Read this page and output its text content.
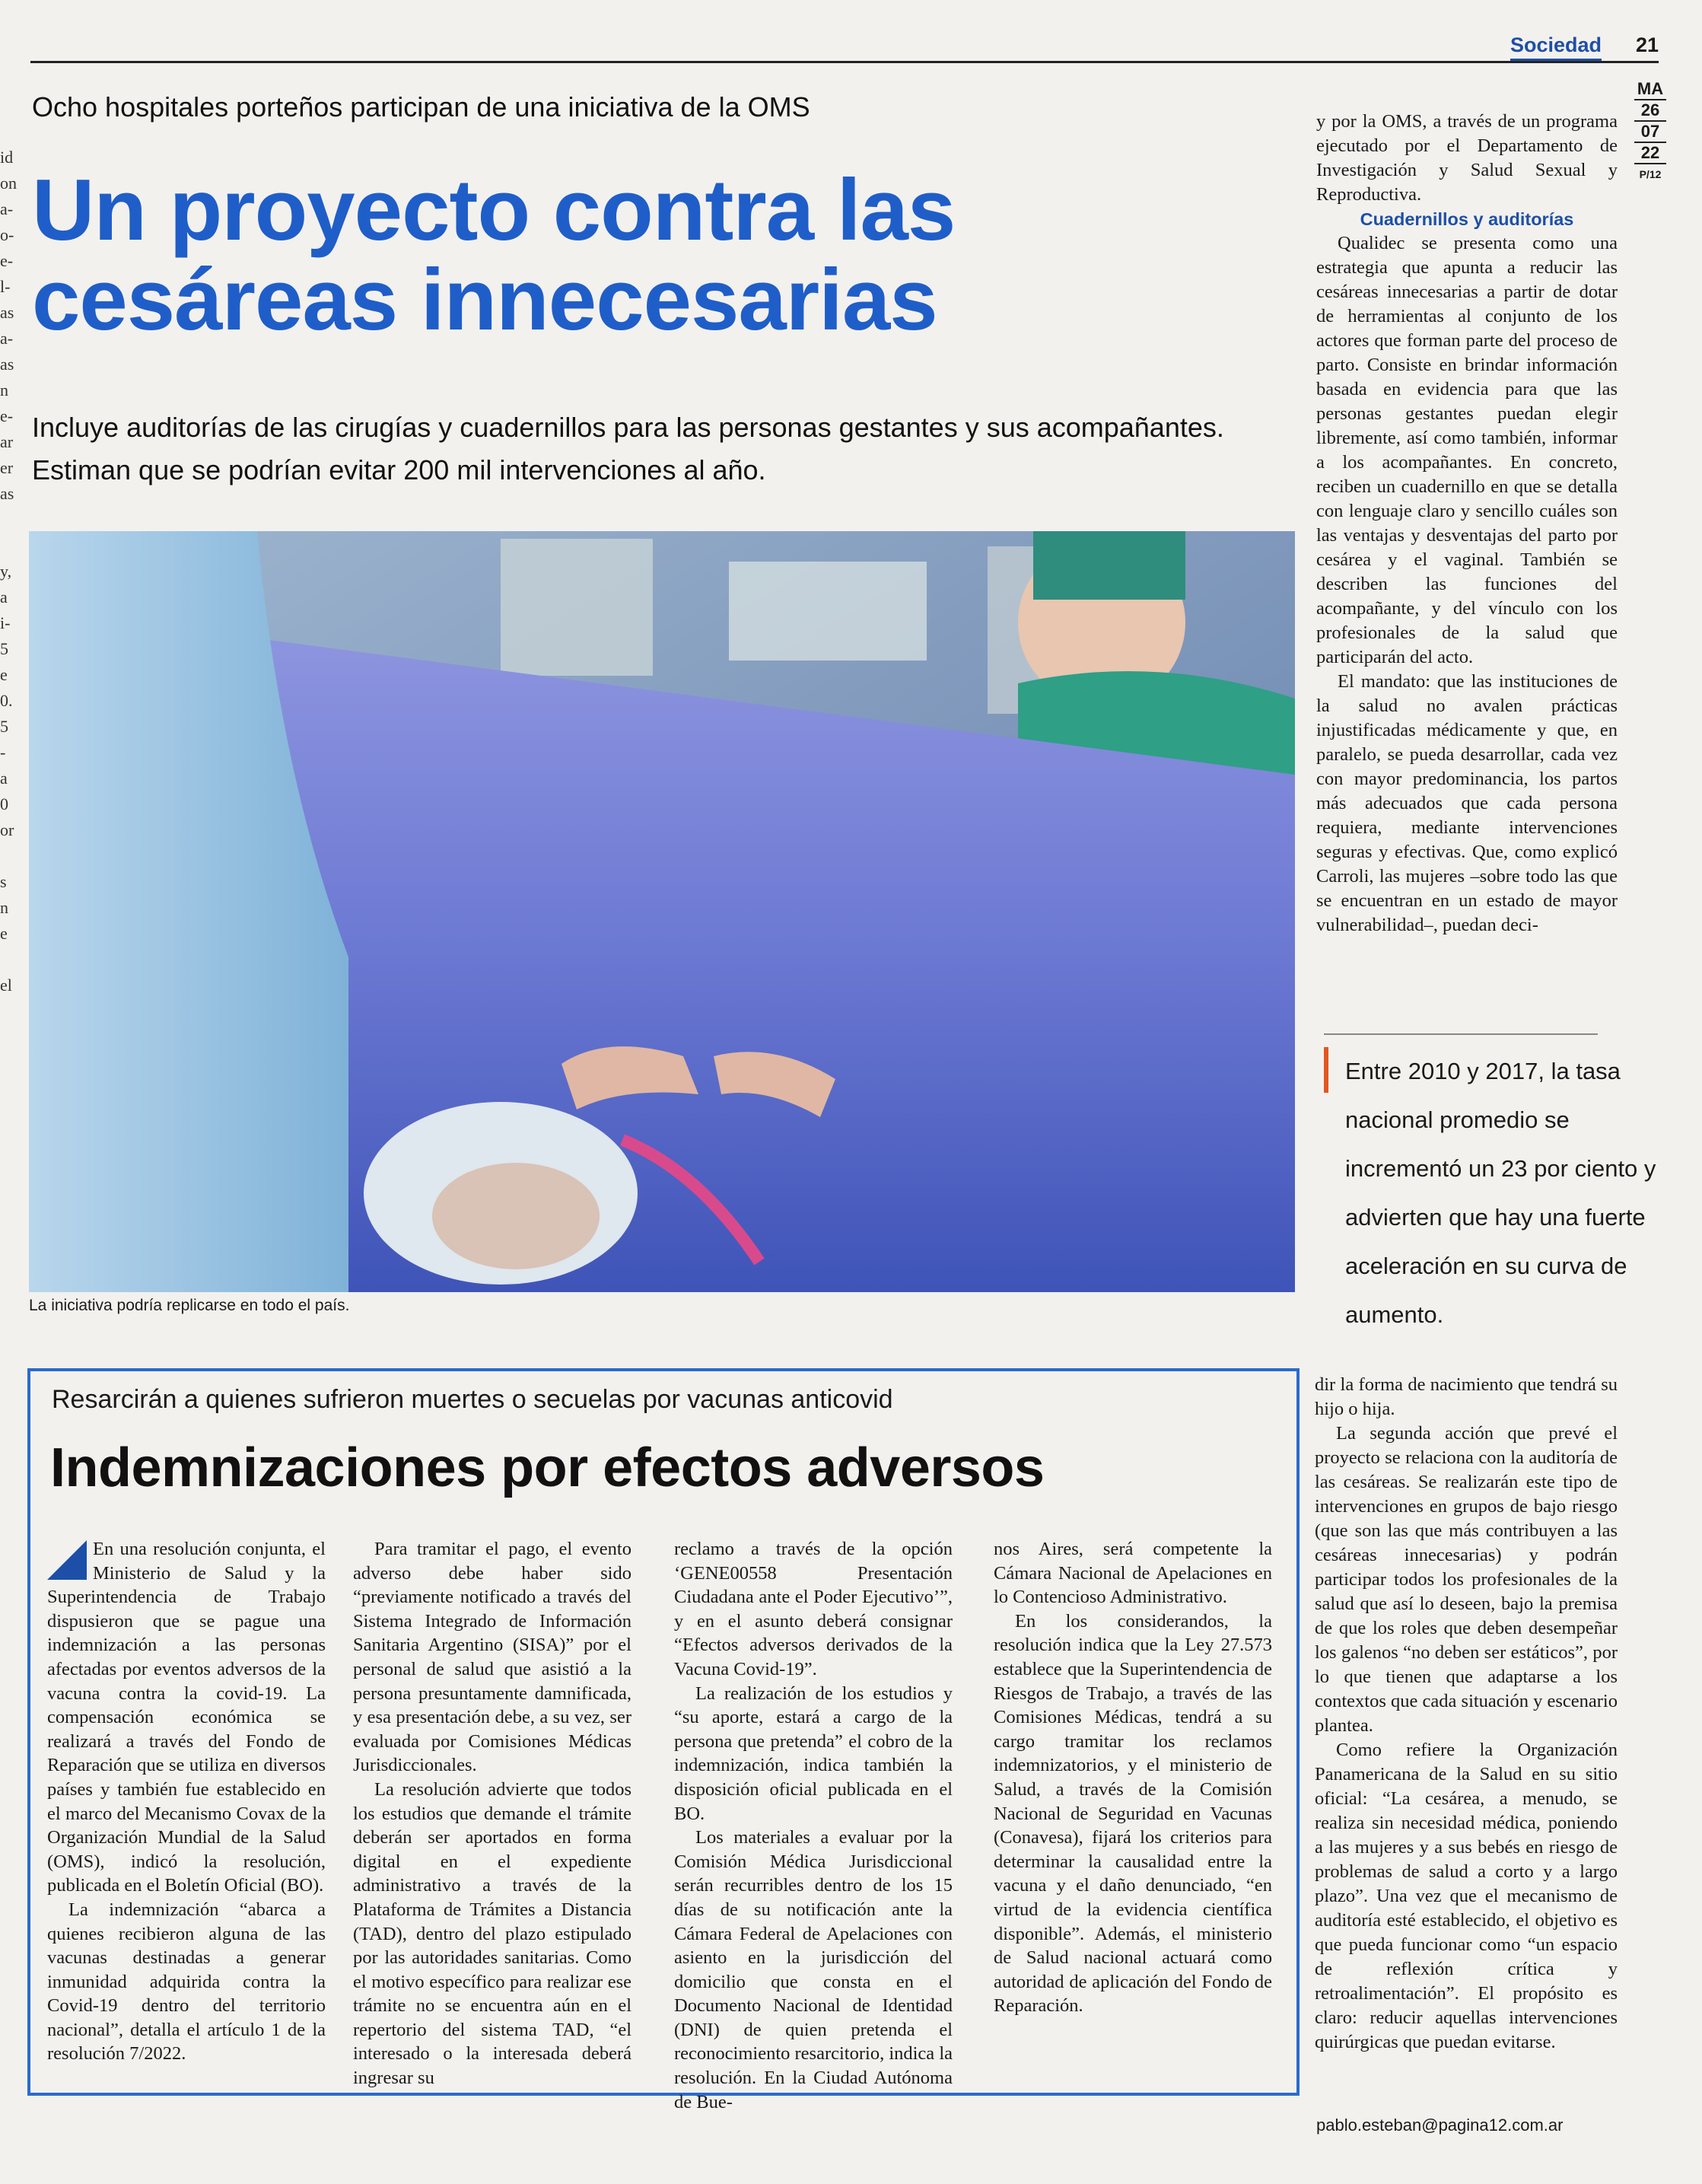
Sociedad 21
MA
26
07
22
P/12
id
on
a-
o-
e-
l-
as
a-
as
n
e-
ar
er
as

y,
a
i-
5
e
0.
5
-
a
0
or

s
n
e

el
Ocho hospitales porteños participan de una iniciativa de la OMS
Un proyecto contra las cesáreas innecesarias
Incluye auditorías de las cirugías y cuadernillos para las personas gestantes y sus acompañantes. Estiman que se podrían evitar 200 mil intervenciones al año.
La iniciativa podría replicarse en todo el país.

y por la OMS, a través de un programa ejecutado por el Departamento de Investigación y Salud Sexual y Reproductiva.

Cuadernillos y auditorías

Qualidec se presenta como una estrategia que apunta a reducir las cesáreas innecesarias a partir de dotar de herramientas al conjunto de los actores que forman parte del proceso de parto. Consiste en brindar información basada en evidencia para que las personas gestantes puedan elegir libremente, así como también, informar a los acompañantes. En concreto, reciben un cuadernillo en que se detalla con lenguaje claro y sencillo cuáles son las ventajas y desventajas del parto por cesárea y el vaginal. También se describen las funciones del acompañante, y del vínculo con los profesionales de la salud que participarán del acto.

El mandato: que las instituciones de la salud no avalen prácticas injustificadas médicamente y que, en paralelo, se pueda desarrollar, cada vez con mayor predominancia, los partos más adecuados que cada persona requiera, mediante intervenciones seguras y efectivas. Que, como explicó Carroli, las mujeres –sobre todo las que se encuentran en un estado de mayor vulnerabilidad–, puedan deci-

Entre 2010 y 2017, la tasa nacional promedio se incrementó un 23 por ciento y advierten que hay una fuerte aceleración en su curva de aumento.

dir la forma de nacimiento que tendrá su hijo o hija.

La segunda acción que prevé el proyecto se relaciona con la auditoría de las cesáreas. Se realizarán este tipo de intervenciones en grupos de bajo riesgo (que son las que más contribuyen a las cesáreas innecesarias) y podrán participar todos los profesionales de la salud que así lo deseen, bajo la premisa de que los roles que deben desempeñar los galenos “no deben ser estáticos”, por lo que tienen que adaptarse a los contextos que cada situación y escenario plantea.

Como refiere la Organización Panamericana de la Salud en su sitio oficial: “La cesárea, a menudo, se realiza sin necesidad médica, poniendo a las mujeres y a sus bebés en riesgo de problemas de salud a corto y a largo plazo”. Una vez que el mecanismo de auditoría esté establecido, el objetivo es que pueda funcionar como “un espacio de reflexión crítica y retroalimentación”. El propósito es claro: reducir aquellas intervenciones quirúrgicas que puedan evitarse.

pablo.esteban@pagina12.com.ar
Resarcirán a quienes sufrieron muertes o secuelas por vacunas anticovid
Indemnizaciones por efectos adversos

En una resolución conjunta, el Ministerio de Salud y la Superintendencia de Trabajo dispusieron que se pague una indemnización a las personas afectadas por eventos adversos de la vacuna contra la covid-19. La compensación económica se realizará a través del Fondo de Reparación que se utiliza en diversos países y también fue establecido en el marco del Mecanismo Covax de la Organización Mundial de la Salud (OMS), indicó la resolución, publicada en el Boletín Oficial (BO).

La indemnización “abarca a quienes recibieron alguna de las vacunas destinadas a generar inmunidad adquirida contra la Covid-19 dentro del territorio nacional”, detalla el artículo 1 de la resolución 7/2022.

Para tramitar el pago, el evento adverso debe haber sido “previamente notificado a través del Sistema Integrado de Información Sanitaria Argentino (SISA)” por el personal de salud que asistió a la persona presuntamente damnificada, y esa presentación debe, a su vez, ser evaluada por Comisiones Médicas Jurisdiccionales.

La resolución advierte que todos los estudios que demande el trámite deberán ser aportados en forma digital en el expediente administrativo a través de la Plataforma de Trámites a Distancia (TAD), dentro del plazo estipulado por las autoridades sanitarias. Como el motivo específico para realizar ese trámite no se encuentra aún en el repertorio del sistema TAD, “el interesado o la interesada deberá ingresar su

reclamo a través de la opción ‘GENE00558 Presentación Ciudadana ante el Poder Ejecutivo’”, y en el asunto deberá consignar “Efectos adversos derivados de la Vacuna Covid-19”.

La realización de los estudios y “su aporte, estará a cargo de la persona que pretenda” el cobro de la indemnización, indica también la disposición oficial publicada en el BO.

Los materiales a evaluar por la Comisión Médica Jurisdiccional serán recurribles dentro de los 15 días de su notificación ante la Cámara Federal de Apelaciones con asiento en la jurisdicción del domicilio que consta en el Documento Nacional de Identidad (DNI) de quien pretenda el reconocimiento resarcitorio, indica la resolución. En la Ciudad Autónoma de Bue-

nos Aires, será competente la Cámara Nacional de Apelaciones en lo Contencioso Administrativo.

En los considerandos, la resolución indica que la Ley 27.573 establece que la Superintendencia de Riesgos de Trabajo, a través de las Comisiones Médicas, tendrá a su cargo tramitar los reclamos indemnizatorios, y el ministerio de Salud, a través de la Comisión Nacional de Seguridad en Vacunas (Conavesa), fijará los criterios para determinar la causalidad entre la vacuna y el daño denunciado, “en virtud de la evidencia científica disponible”. Además, el ministerio de Salud nacional actuará como autoridad de aplicación del Fondo de Reparación.
